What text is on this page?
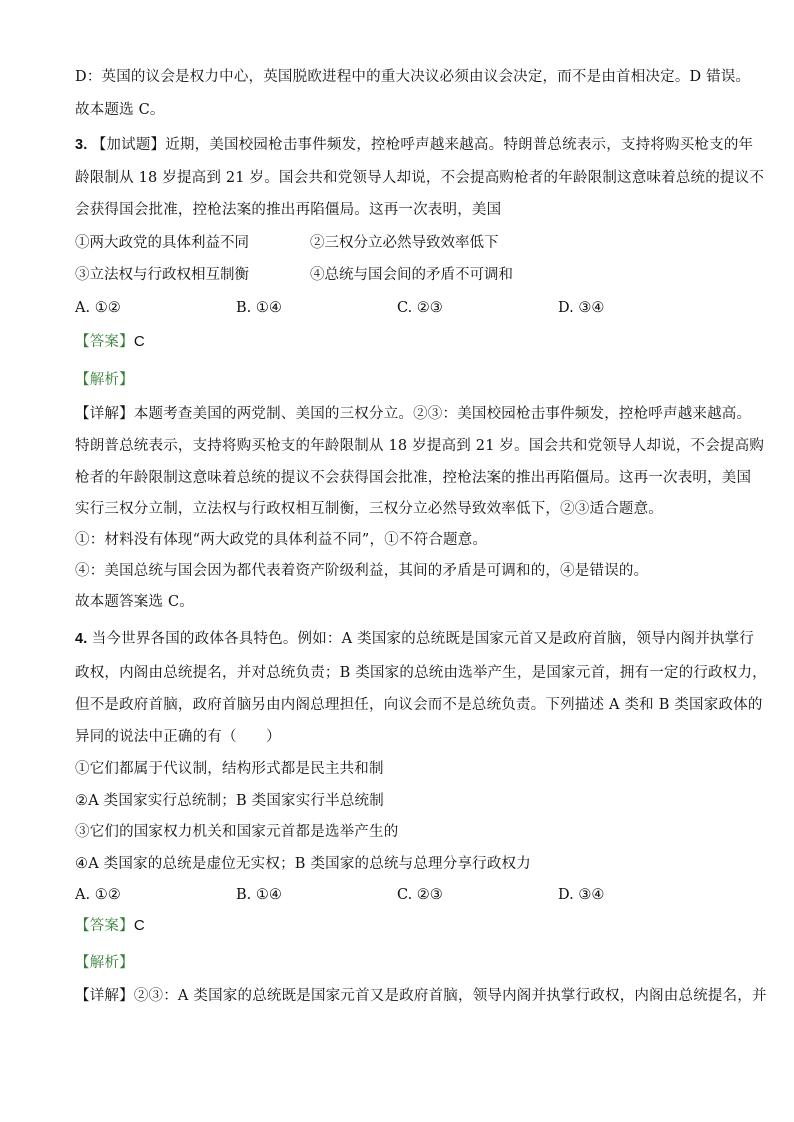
D：英国的议会是权力中心，英国脱欧进程中的重大决议必须由议会决定，而不是由首相决定。D 错误。
故本题选 C。
3. 【加试题】近期，美国校园枪击事件频发，控枪呼声越来越高。特朗普总统表示，支持将购买枪支的年
龄限制从 18 岁提高到 21 岁。国会共和党领导人却说，不会提高购枪者的年龄限制这意味着总统的提议不
会获得国会批准，控枪法案的推出再陷僵局。这再一次表明，美国
①两大政党的具体利益不同	②三权分立必然导致效率低下
③立法权与行政权相互制衡	④总统与国会间的矛盾不可调和
A. ①②	B. ①④	C. ②③	D. ③④
【答案】C
【解析】
【详解】本题考查美国的两党制、美国的三权分立。②③：美国校园枪击事件频发，控枪呼声越来越高。
特朗普总统表示，支持将购买枪支的年龄限制从 18 岁提高到 21 岁。国会共和党领导人却说，不会提高购
枪者的年龄限制这意味着总统的提议不会获得国会批准，控枪法案的推出再陷僵局。这再一次表明，美国
实行三权分立制，立法权与行政权相互制衡，三权分立必然导致效率低下，②③适合题意。
①：材料没有体现“两大政党的具体利益不同”，①不符合题意。
④：美国总统与国会因为都代表着资产阶级利益，其间的矛盾是可调和的，④是错误的。
故本题答案选 C。
4. 当今世界各国的政体各具特色。例如：A 类国家的总统既是国家元首又是政府首脑，领导内阁并执掌行
政权，内阁由总统提名，并对总统负责；B 类国家的总统由选举产生，是国家元首，拥有一定的行政权力，
但不是政府首脑，政府首脑另由内阁总理担任，向议会而不是总统负责。下列描述 A 类和 B 类国家政体的
异同的说法中正确的有（　　）
①它们都属于代议制，结构形式都是民主共和制
②A 类国家实行总统制；B 类国家实行半总统制
③它们的国家权力机关和国家元首都是选举产生的
④A 类国家的总统是虚位无实权；B 类国家的总统与总理分享行政权力
A. ①②	B. ①④	C. ②③	D. ③④
【答案】C
【解析】
【详解】②③：A 类国家的总统既是国家元首又是政府首脑，领导内阁并执掌行政权，内阁由总统提名，并
